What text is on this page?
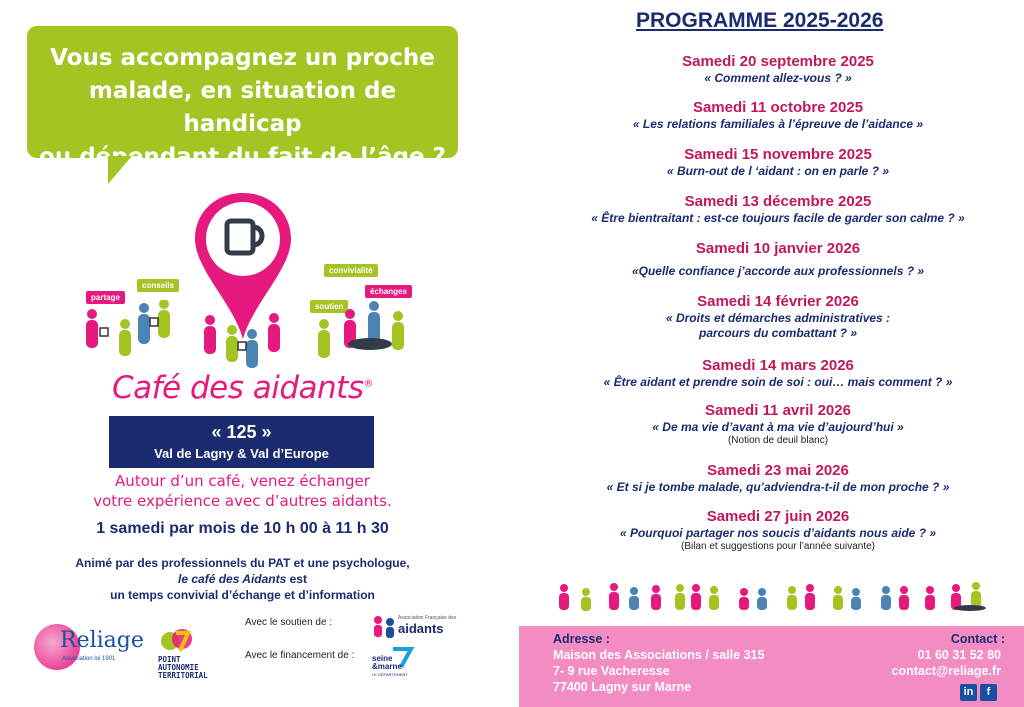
Vous accompagnez un proche
malade, en situation de handicap
ou dépendant du fait de l’âge ?
partage
conseils
convivialité
échanges
soutien
Café des aidants®
« 125 »
Val de Lagny & Val d’Europe
Autour d’un café, venez échanger
votre expérience avec d’autres aidants.
1 samedi par mois de 10 h 00 à 11 h 30
Animé par des professionnels du PAT et une psychologue,
le café des Aidants est
un temps convivial d’échange et d’information
Reliage
Association loi 1901	POINT
AUTONOMIE
TERRITORIAL
Avec le soutien de :
Avec le financement de :
Association Française des
aidants
seine
&marne
LE DÉPARTEMENT
PROGRAMME 2025-2026
Samedi 20 septembre 2025
« Comment allez-vous ? »
Samedi 11 octobre 2025
« Les relations familiales à l’épreuve de l’aidance »
Samedi 15 novembre 2025
« Burn-out de l ‘aidant : on en parle ? »
Samedi 13 décembre 2025
« Être bientraitant : est-ce toujours facile de garder son calme ? »
Samedi 10 janvier 2026
«Quelle confiance j’accorde aux professionnels ? »
Samedi 14 février 2026
« Droits et démarches administratives :
parcours du combattant ? »
Samedi 14 mars 2026
« Être aidant et prendre soin de soi : oui… mais comment ? »
Samedi 11 avril 2026
« De ma vie d’avant à ma vie d’aujourd’hui »
(Notion de deuil blanc)
Samedi 23 mai 2026
« Et si je tombe malade, qu’adviendra-t-il de mon proche ? »
Samedi 27 juin 2026
« Pourquoi partager nos soucis d’aidants nous aide ? »
(Bilan et suggestions pour l’année suivante)
Adresse :
Maison des Associations / salle 315
7- 9 rue Vacheresse
77400 Lagny sur Marne
Contact :
01 60 31 52 80
contact@reliage.fr
in	f
